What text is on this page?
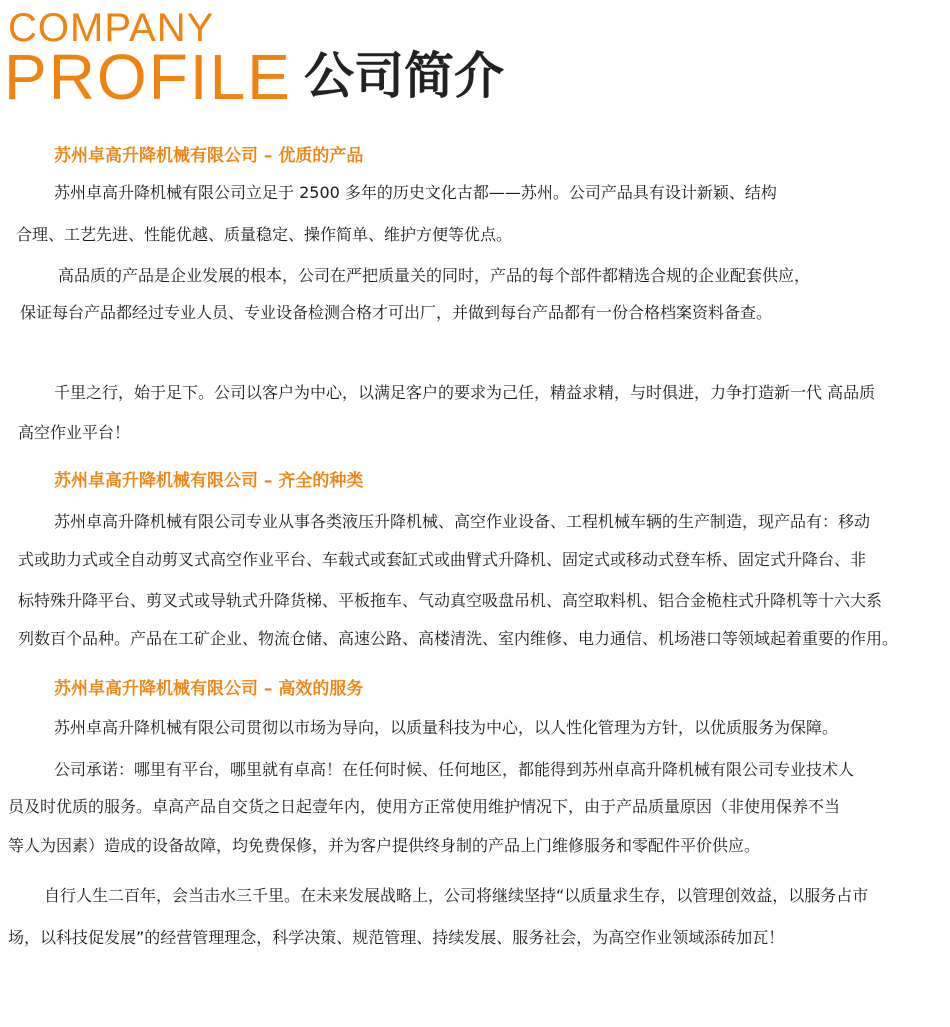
COMPANY
PROFILE 公司简介
苏州卓高升降机械有限公司 – 优质的产品
苏州卓高升降机械有限公司立足于 2500 多年的历史文化古都——苏州。公司产品具有设计新颖、结构
合理、工艺先进、性能优越、质量稳定、操作简单、维护方便等优点。
高品质的产品是企业发展的根本，公司在严把质量关的同时，产品的每个部件都精选合规的企业配套供应，
保证每台产品都经过专业人员、专业设备检测合格才可出厂，并做到每台产品都有一份合格档案资料备查。
千里之行，始于足下。公司以客户为中心，以满足客户的要求为己任，精益求精，与时俱进，力争打造新一代 高品质
高空作业平台！
苏州卓高升降机械有限公司 – 齐全的种类
苏州卓高升降机械有限公司专业从事各类液压升降机械、高空作业设备、工程机械车辆的生产制造，现产品有：移动
式或助力式或全自动剪叉式高空作业平台、车载式或套缸式或曲臂式升降机、固定式或移动式登车桥、固定式升降台、非
标特殊升降平台、剪叉式或导轨式升降货梯、平板拖车、气动真空吸盘吊机、高空取料机、铝合金桅柱式升降机等十六大系
列数百个品种。产品在工矿企业、物流仓储、高速公路、高楼清洗、室内维修、电力通信、机场港口等领域起着重要的作用。
苏州卓高升降机械有限公司 – 高效的服务
苏州卓高升降机械有限公司贯彻以市场为导向，以质量科技为中心，以人性化管理为方针，以优质服务为保障。
公司承诺：哪里有平台，哪里就有卓高！在任何时候、任何地区，都能得到苏州卓高升降机械有限公司专业技术人
员及时优质的服务。卓高产品自交货之日起壹年内，使用方正常使用维护情况下，由于产品质量原因（非使用保养不当
等人为因素）造成的设备故障，均免费保修，并为客户提供终身制的产品上门维修服务和零配件平价供应。
自行人生二百年，会当击水三千里。在未来发展战略上，公司将继续坚持“以质量求生存，以管理创效益，以服务占市
场，以科技促发展”的经营管理理念，科学决策、规范管理、持续发展、服务社会，为高空作业领域添砖加瓦！
